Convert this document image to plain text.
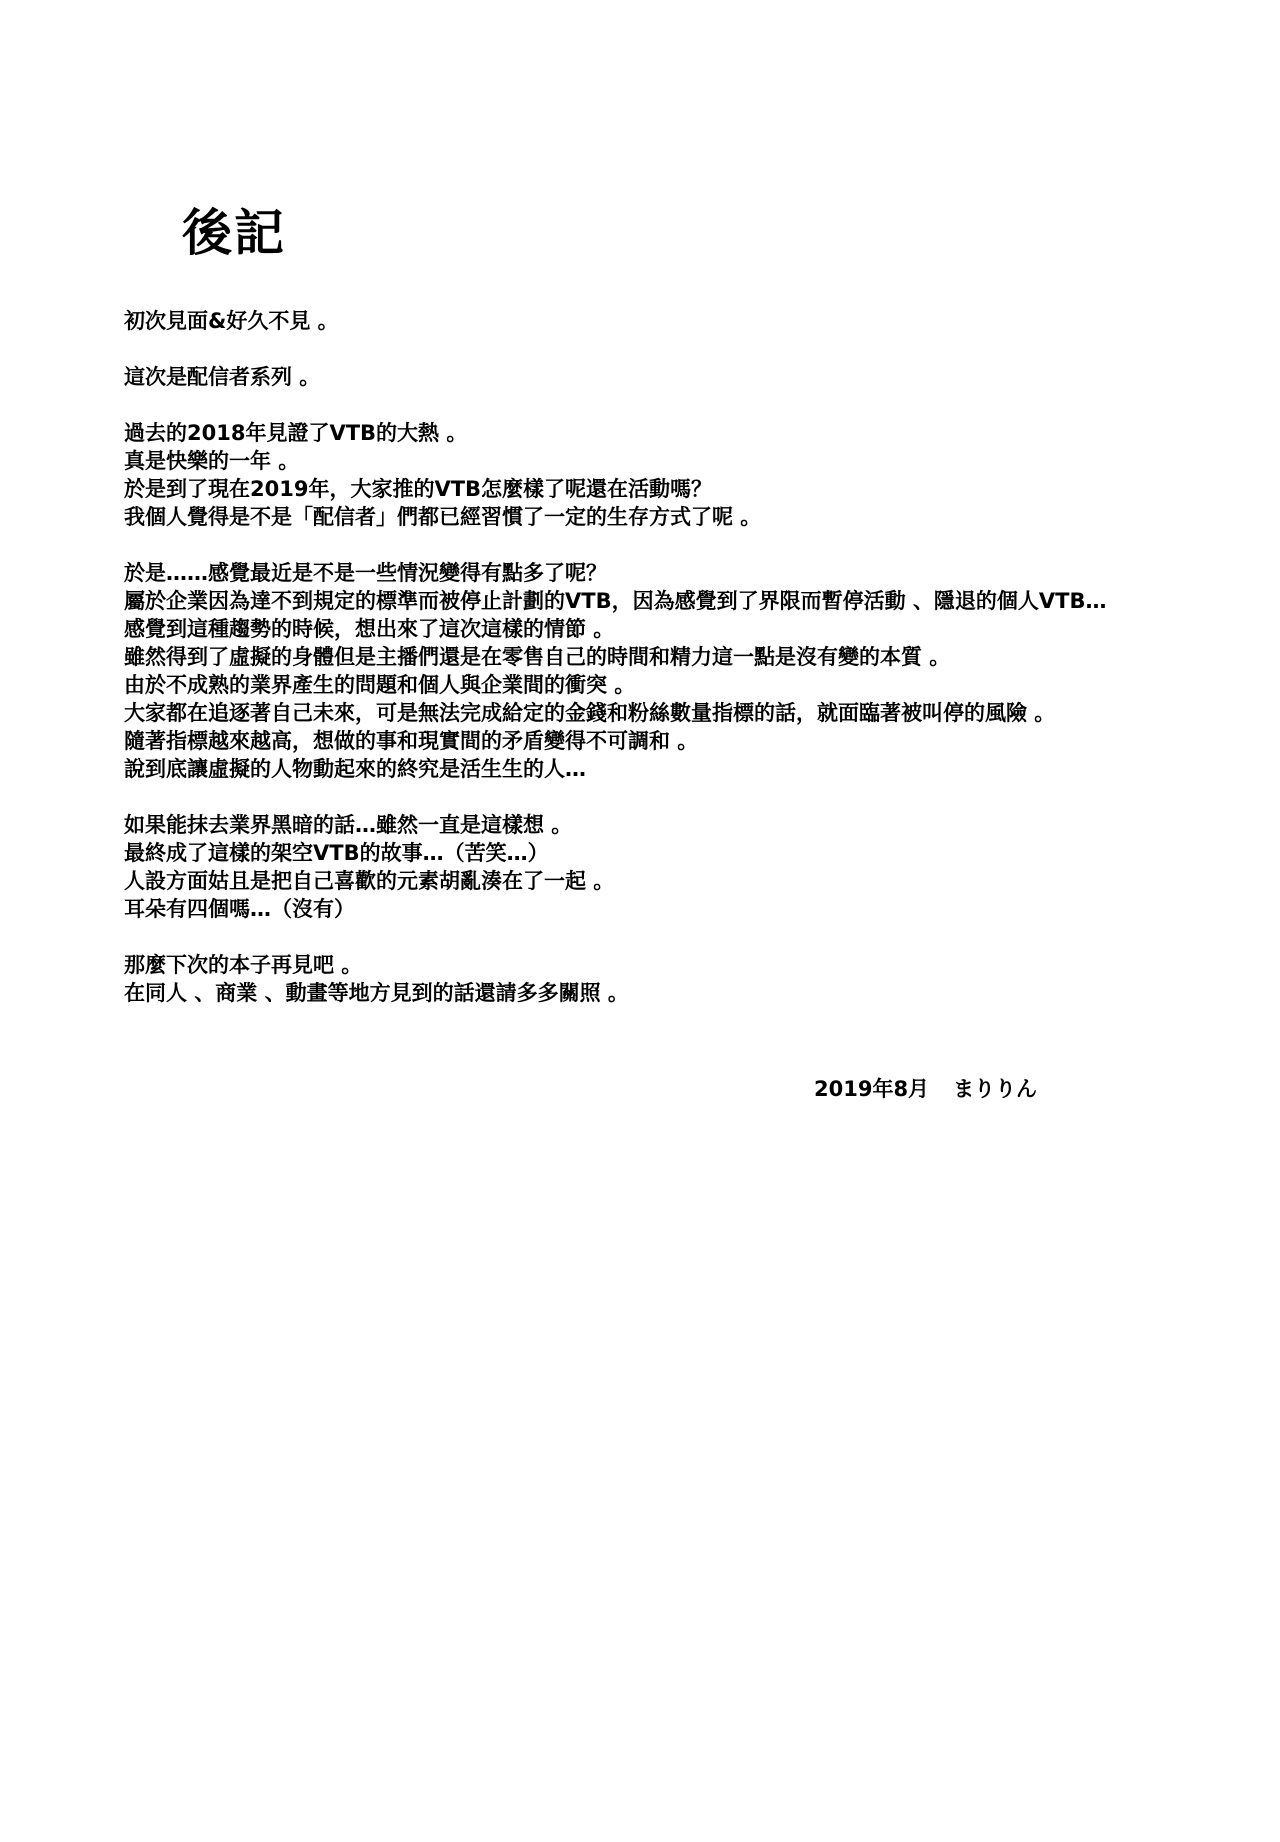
後記
初次見面&好久不見 。
這次是配信者系列 。
過去的2018年見證了VTB的大熱 。
真是快樂的一年 。
於是到了現在2019年，大家推的VTB怎麼樣了呢還在活動嗎？
我個人覺得是不是「配信者」們都已經習慣了一定的生存方式了呢 。
於是……感覺最近是不是一些情況變得有點多了呢？
屬於企業因為達不到規定的標準而被停止計劃的VTB，因為感覺到了界限而暫停活動 、隱退的個人VTB…
感覺到這種趨勢的時候，想出來了這次這樣的情節 。
雖然得到了虛擬的身體但是主播們還是在零售自己的時間和精力這一點是沒有變的本質 。
由於不成熟的業界產生的問題和個人與企業間的衝突 。
大家都在追逐著自己未來，可是無法完成給定的金錢和粉絲數量指標的話，就面臨著被叫停的風險 。
隨著指標越來越高，想做的事和現實間的矛盾變得不可調和 。
說到底讓虛擬的人物動起來的終究是活生生的人…
如果能抹去業界黑暗的話…雖然一直是這樣想 。
最終成了這樣的架空VTB的故事…（苦笑…）
人設方面姑且是把自己喜歡的元素胡亂湊在了一起 。
耳朵有四個嗎…（沒有）
那麼下次的本子再見吧 。
在同人 、商業 、動畫等地方見到的話還請多多關照 。
2019年8月 まりりん
